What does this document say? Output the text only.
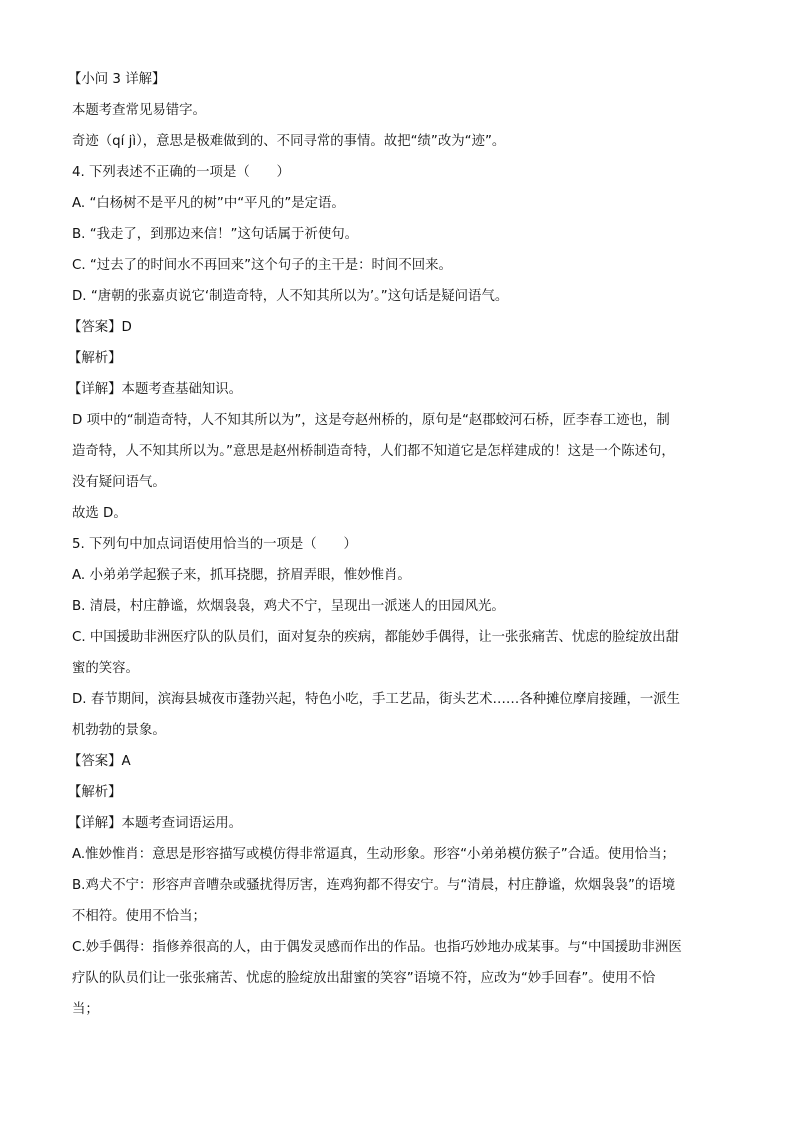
【小问 3 详解】
本题考查常见易错字。
奇迹（qí jì），意思是极难做到的、不同寻常的事情。故把“绩”改为“迹”。
4. 下列表述不正确的一项是（　　）
A. “白杨树不是平凡的树”中“平凡的”是定语。
B. “我走了，到那边来信！”这句话属于祈使句。
C. “过去了的时间水不再回来”这个句子的主干是：时间不回来。
D. “唐朝的张嘉贞说它‘制造奇特，人不知其所以为’。”这句话是疑问语气。
【答案】D
【解析】
【详解】本题考查基础知识。
D 项中的“制造奇特，人不知其所以为”，这是夸赵州桥的，原句是“赵郡蛟河石桥，匠李春工迹也，制
造奇特，人不知其所以为。”意思是赵州桥制造奇特，人们都不知道它是怎样建成的！这是一个陈述句，
没有疑问语气。
故选 D。
5. 下列句中加点词语使用恰当的一项是（　　）
A. 小弟弟学起猴子来，抓耳挠腮，挤眉弄眼，惟妙惟肖。
B. 清晨，村庄静谧，炊烟袅袅，鸡犬不宁，呈现出一派迷人的田园风光。
C. 中国援助非洲医疗队的队员们，面对复杂的疾病，都能妙手偶得，让一张张痛苦、忧虑的脸绽放出甜
蜜的笑容。
D. 春节期间，滨海县城夜市蓬勃兴起，特色小吃，手工艺品，街头艺术……各种摊位摩肩接踵，一派生
机勃勃的景象。
【答案】A
【解析】
【详解】本题考查词语运用。
A.惟妙惟肖：意思是形容描写或模仿得非常逼真，生动形象。形容“小弟弟模仿猴子”合适。使用恰当；
B.鸡犬不宁：形容声音嘈杂或骚扰得厉害，连鸡狗都不得安宁。与“清晨，村庄静谧，炊烟袅袅”的语境
不相符。使用不恰当；
C.妙手偶得：指修养很高的人，由于偶发灵感而作出的作品。也指巧妙地办成某事。与“中国援助非洲医
疗队的队员们让一张张痛苦、忧虑的脸绽放出甜蜜的笑容”语境不符，应改为“妙手回春”。使用不恰
当；
